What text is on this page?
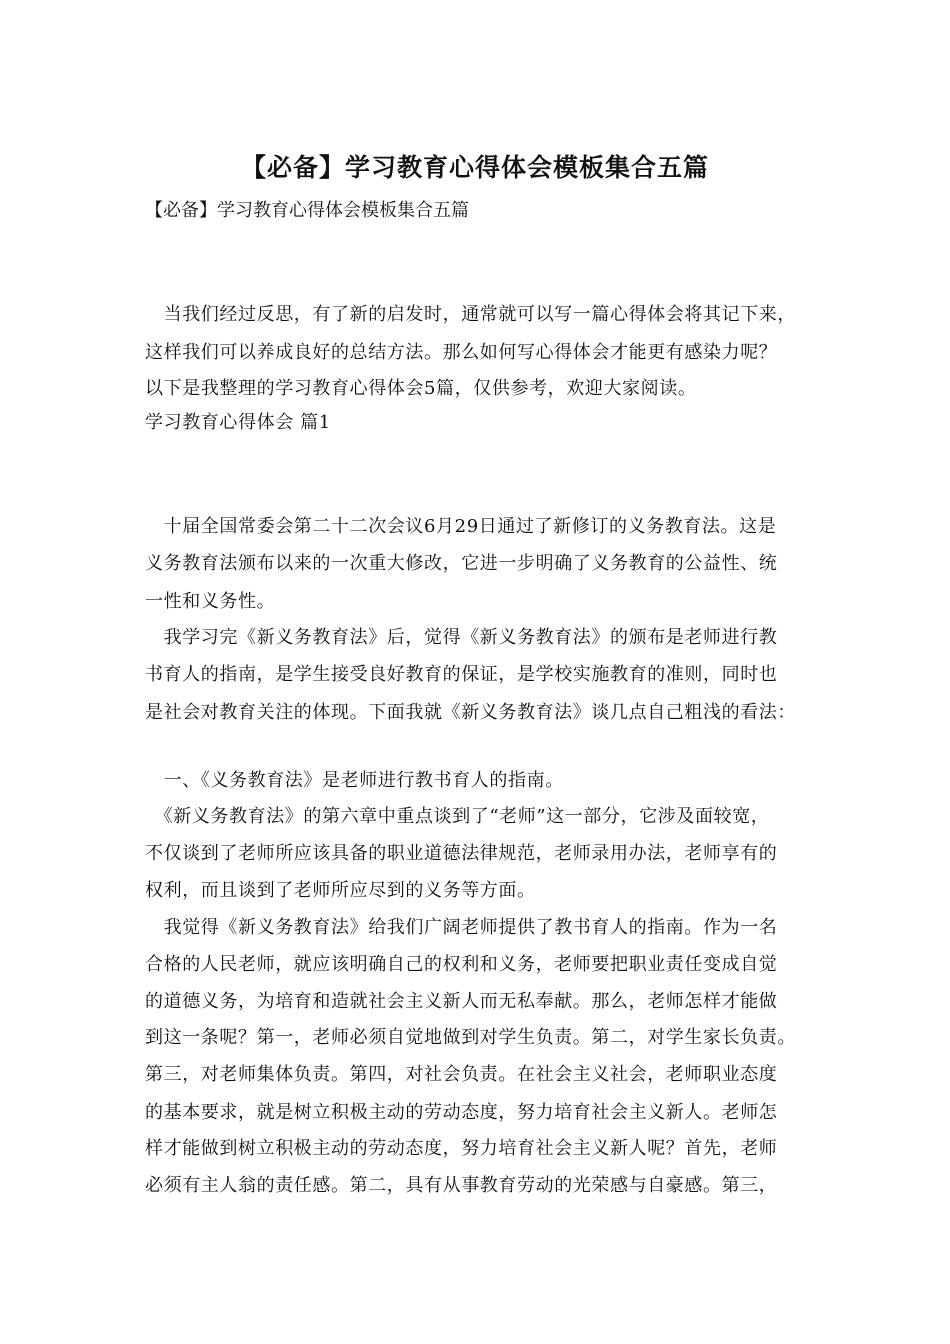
【必备】学习教育心得体会模板集合五篇
【必备】学习教育心得体会模板集合五篇
　当我们经过反思，有了新的启发时，通常就可以写一篇心得体会将其记下来，
这样我们可以养成良好的总结方法。那么如何写心得体会才能更有感染力呢？
以下是我整理的学习教育心得体会5篇，仅供参考，欢迎大家阅读。
学习教育心得体会 篇1
　十届全国常委会第二十二次会议6月29日通过了新修订的义务教育法。这是
义务教育法颁布以来的一次重大修改，它进一步明确了义务教育的公益性、统
一性和义务性。
　我学习完《新义务教育法》后，觉得《新义务教育法》的颁布是老师进行教
书育人的指南，是学生接受良好教育的保证，是学校实施教育的准则，同时也
是社会对教育关注的体现。下面我就《新义务教育法》谈几点自己粗浅的看法：
　一、《义务教育法》是老师进行教书育人的指南。
　《新义务教育法》的第六章中重点谈到了“老师”这一部分，它涉及面较宽，
不仅谈到了老师所应该具备的职业道德法律规范，老师录用办法，老师享有的
权利，而且谈到了老师所应尽到的义务等方面。
　我觉得《新义务教育法》给我们广阔老师提供了教书育人的指南。作为一名
合格的人民老师，就应该明确自己的权利和义务，老师要把职业责任变成自觉
的道德义务，为培育和造就社会主义新人而无私奉献。那么，老师怎样才能做
到这一条呢？第一，老师必须自觉地做到对学生负责。第二，对学生家长负责。
第三，对老师集体负责。第四，对社会负责。在社会主义社会，老师职业态度
的基本要求，就是树立积极主动的劳动态度，努力培育社会主义新人。老师怎
样才能做到树立积极主动的劳动态度，努力培育社会主义新人呢？首先，老师
必须有主人翁的责任感。第二，具有从事教育劳动的光荣感与自豪感。第三，
